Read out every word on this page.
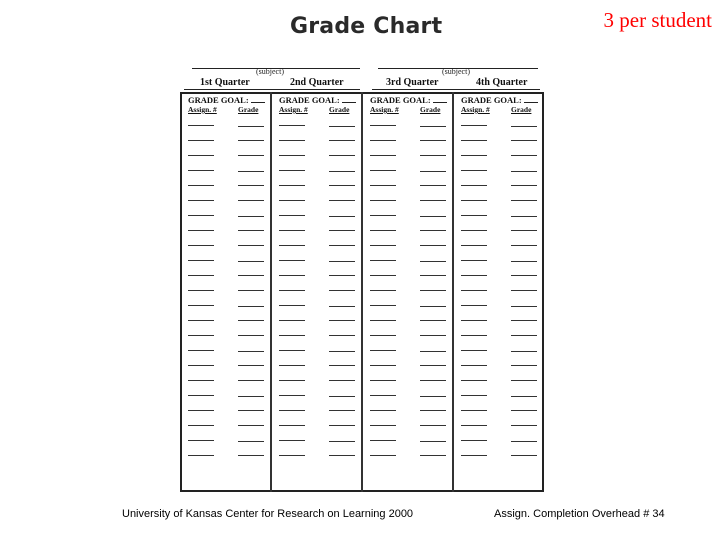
Grade Chart	3 per student
(subject)	(subject)
1st Quarter	2nd Quarter	3rd Quarter	4th Quarter
GRADE GOAL:
Assign. #	Grade
GRADE GOAL:
Assign. #	Grade
GRADE GOAL:
Assign. #	Grade
GRADE GOAL:
Assign. #	Grade
University of Kansas Center for Research on Learning 2000	Assign. Completion Overhead # 34
